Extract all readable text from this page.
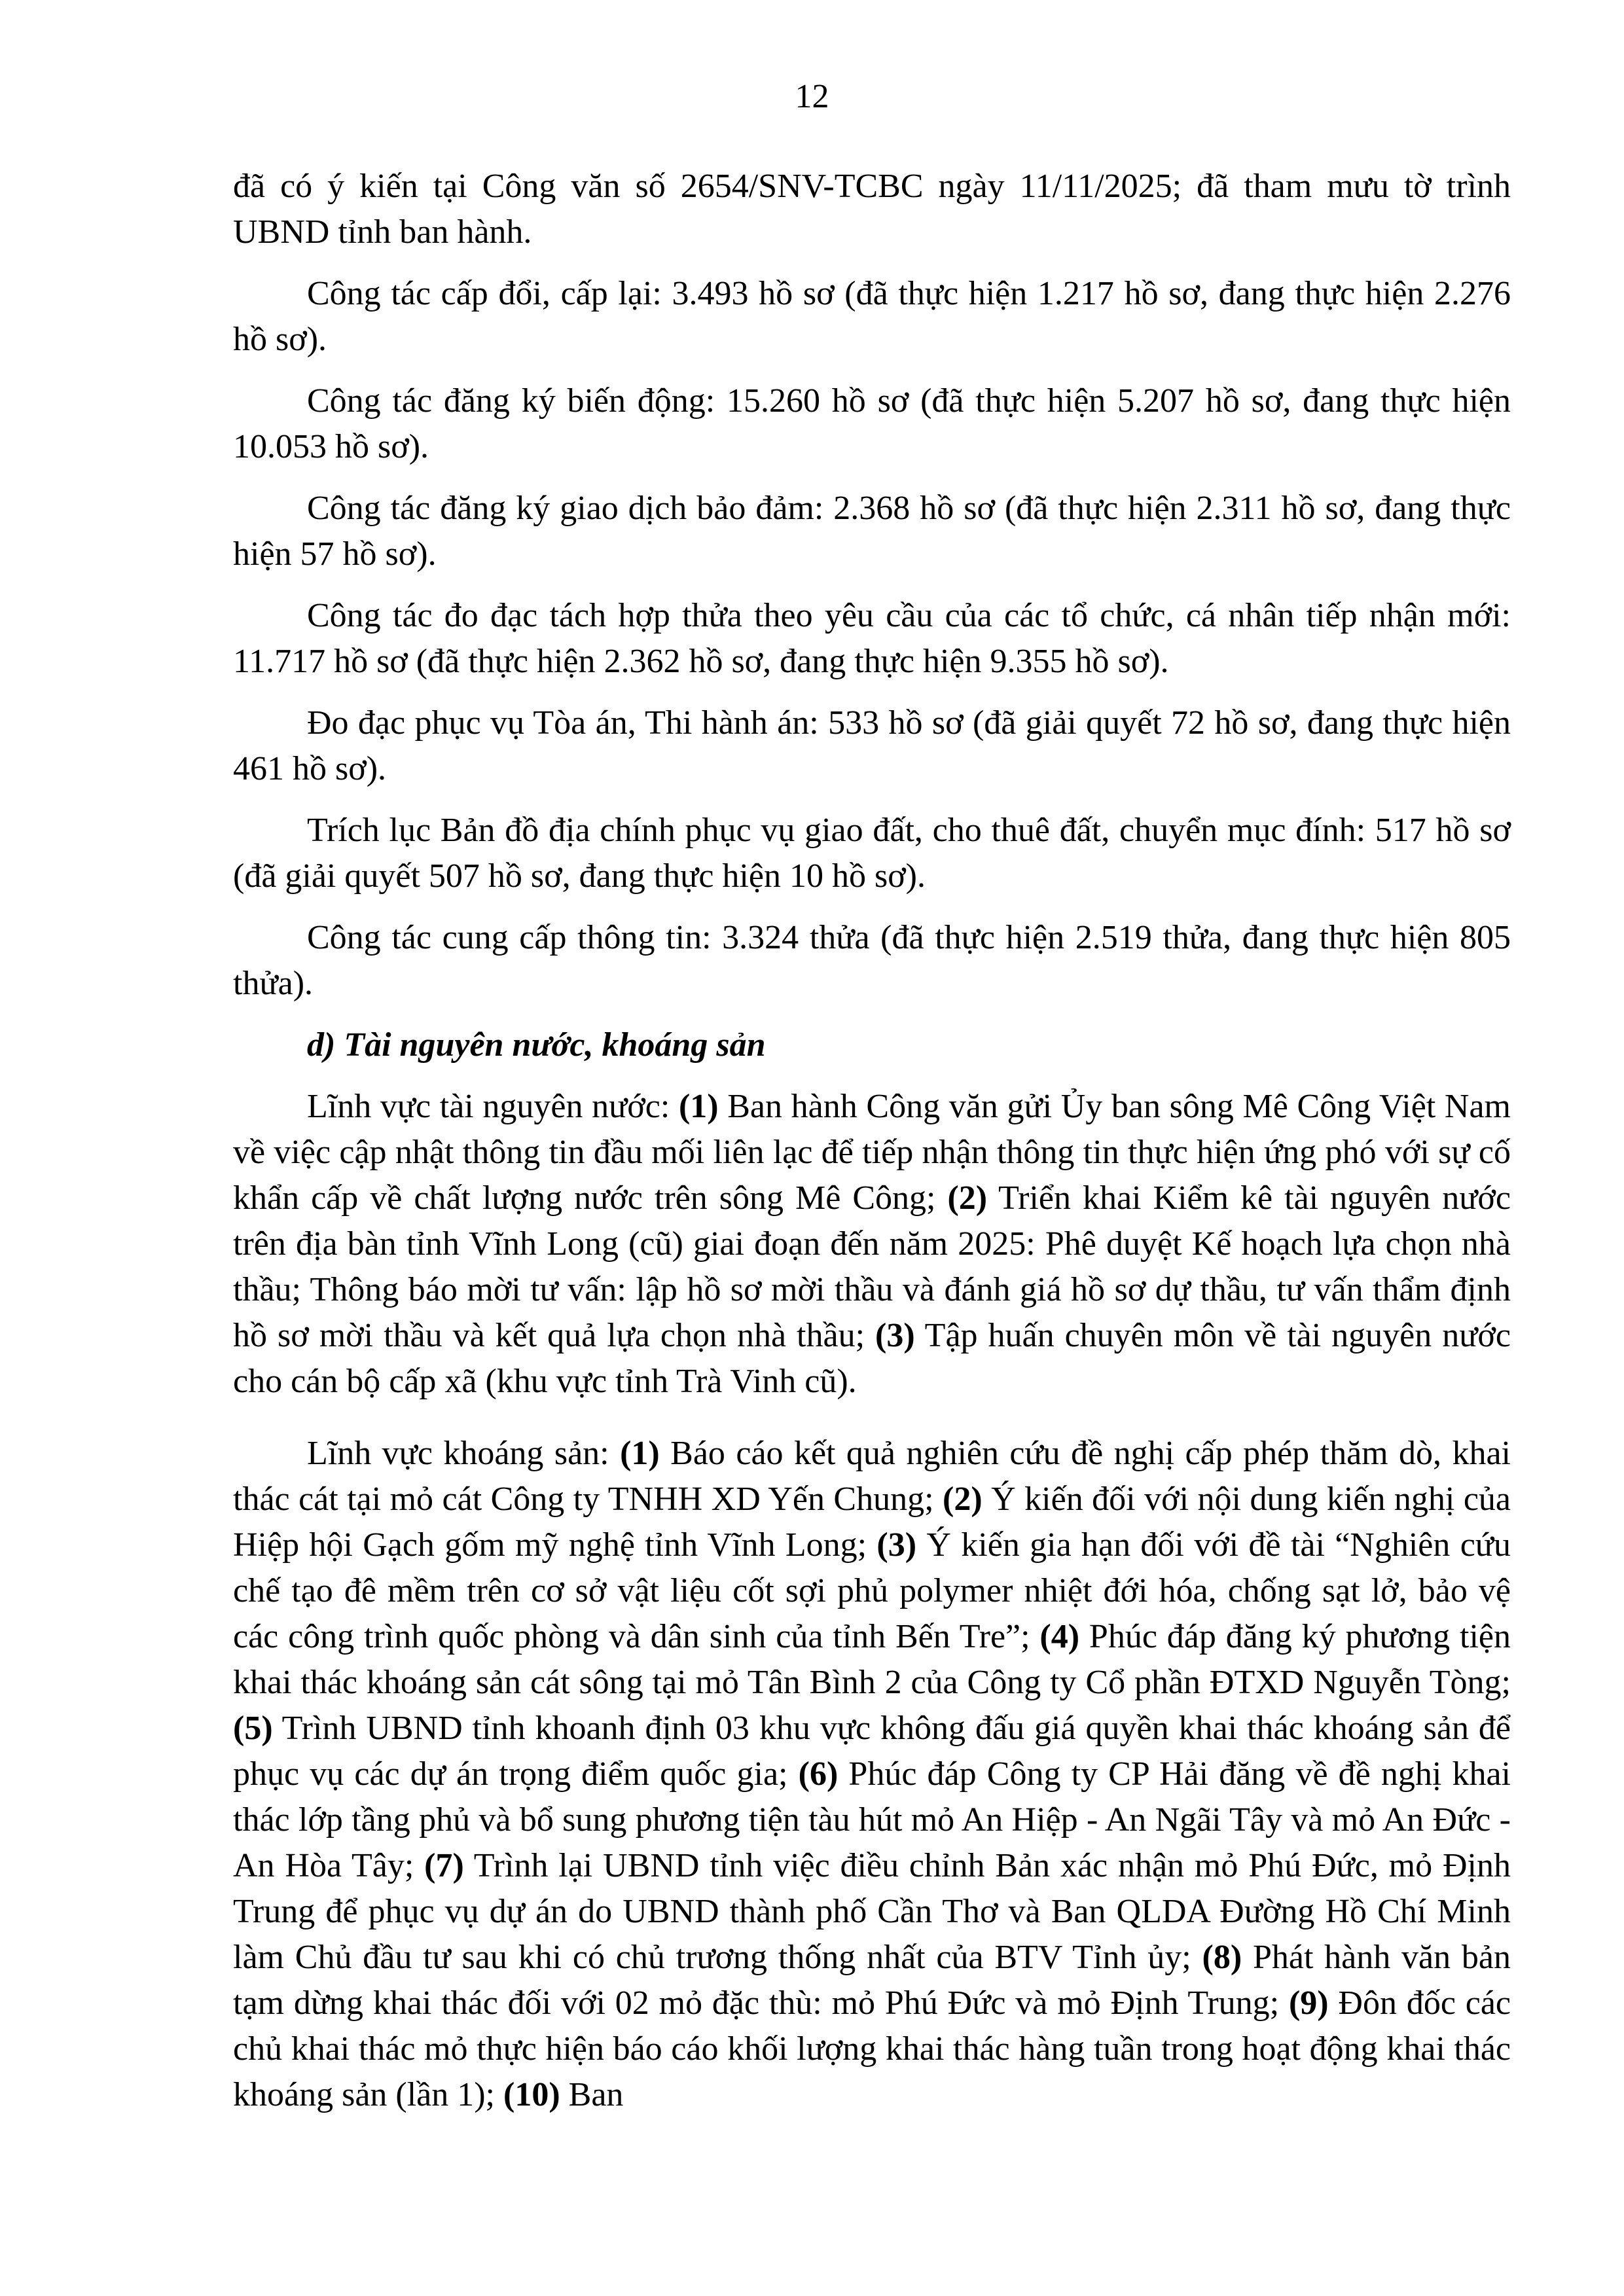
12

đã có ý kiến tại Công văn số 2654/SNV-TCBC ngày 11/11/2025; đã tham mưu tờ trình UBND tỉnh ban hành.

Công tác cấp đổi, cấp lại: 3.493 hồ sơ (đã thực hiện 1.217 hồ sơ, đang thực hiện 2.276 hồ sơ).

Công tác đăng ký biến động: 15.260 hồ sơ (đã thực hiện 5.207 hồ sơ, đang thực hiện 10.053 hồ sơ).

Công tác đăng ký giao dịch bảo đảm: 2.368 hồ sơ (đã thực hiện 2.311 hồ sơ, đang thực hiện 57 hồ sơ).

Công tác đo đạc tách hợp thửa theo yêu cầu của các tổ chức, cá nhân tiếp nhận mới: 11.717 hồ sơ (đã thực hiện 2.362 hồ sơ, đang thực hiện 9.355 hồ sơ).

Đo đạc phục vụ Tòa án, Thi hành án: 533 hồ sơ (đã giải quyết 72 hồ sơ, đang thực hiện 461 hồ sơ).

Trích lục Bản đồ địa chính phục vụ giao đất, cho thuê đất, chuyển mục đính: 517 hồ sơ (đã giải quyết 507 hồ sơ, đang thực hiện 10 hồ sơ).

Công tác cung cấp thông tin: 3.324 thửa (đã thực hiện 2.519 thửa, đang thực hiện 805 thửa).

d) Tài nguyên nước, khoáng sản

Lĩnh vực tài nguyên nước: (1) Ban hành Công văn gửi Ủy ban sông Mê Công Việt Nam về việc cập nhật thông tin đầu mối liên lạc để tiếp nhận thông tin thực hiện ứng phó với sự cố khẩn cấp về chất lượng nước trên sông Mê Công; (2) Triển khai Kiểm kê tài nguyên nước trên địa bàn tỉnh Vĩnh Long (cũ) giai đoạn đến năm 2025: Phê duyệt Kế hoạch lựa chọn nhà thầu; Thông báo mời tư vấn: lập hồ sơ mời thầu và đánh giá hồ sơ dự thầu, tư vấn thẩm định hồ sơ mời thầu và kết quả lựa chọn nhà thầu; (3) Tập huấn chuyên môn về tài nguyên nước cho cán bộ cấp xã (khu vực tỉnh Trà Vinh cũ).

Lĩnh vực khoáng sản: (1) Báo cáo kết quả nghiên cứu đề nghị cấp phép thăm dò, khai thác cát tại mỏ cát Công ty TNHH XD Yến Chung; (2) Ý kiến đối với nội dung kiến nghị của Hiệp hội Gạch gốm mỹ nghệ tỉnh Vĩnh Long; (3) Ý kiến gia hạn đối với đề tài “Nghiên cứu chế tạo đê mềm trên cơ sở vật liệu cốt sợi phủ polymer nhiệt đới hóa, chống sạt lở, bảo vệ các công trình quốc phòng và dân sinh của tỉnh Bến Tre”; (4) Phúc đáp đăng ký phương tiện khai thác khoáng sản cát sông tại mỏ Tân Bình 2 của Công ty Cổ phần ĐTXD Nguyễn Tòng; (5) Trình UBND tỉnh khoanh định 03 khu vực không đấu giá quyền khai thác khoáng sản để phục vụ các dự án trọng điểm quốc gia; (6) Phúc đáp Công ty CP Hải đăng về đề nghị khai thác lớp tầng phủ và bổ sung phương tiện tàu hút mỏ An Hiệp - An Ngãi Tây và mỏ An Đức - An Hòa Tây; (7) Trình lại UBND tỉnh việc điều chỉnh Bản xác nhận mỏ Phú Đức, mỏ Định Trung để phục vụ dự án do UBND thành phố Cần Thơ và Ban QLDA Đường Hồ Chí Minh làm Chủ đầu tư sau khi có chủ trương thống nhất của BTV Tỉnh ủy; (8) Phát hành văn bản tạm dừng khai thác đối với 02 mỏ đặc thù: mỏ Phú Đức và mỏ Định Trung; (9) Đôn đốc các chủ khai thác mỏ thực hiện báo cáo khối lượng khai thác hàng tuần trong hoạt động khai thác khoáng sản (lần 1); (10) Ban
